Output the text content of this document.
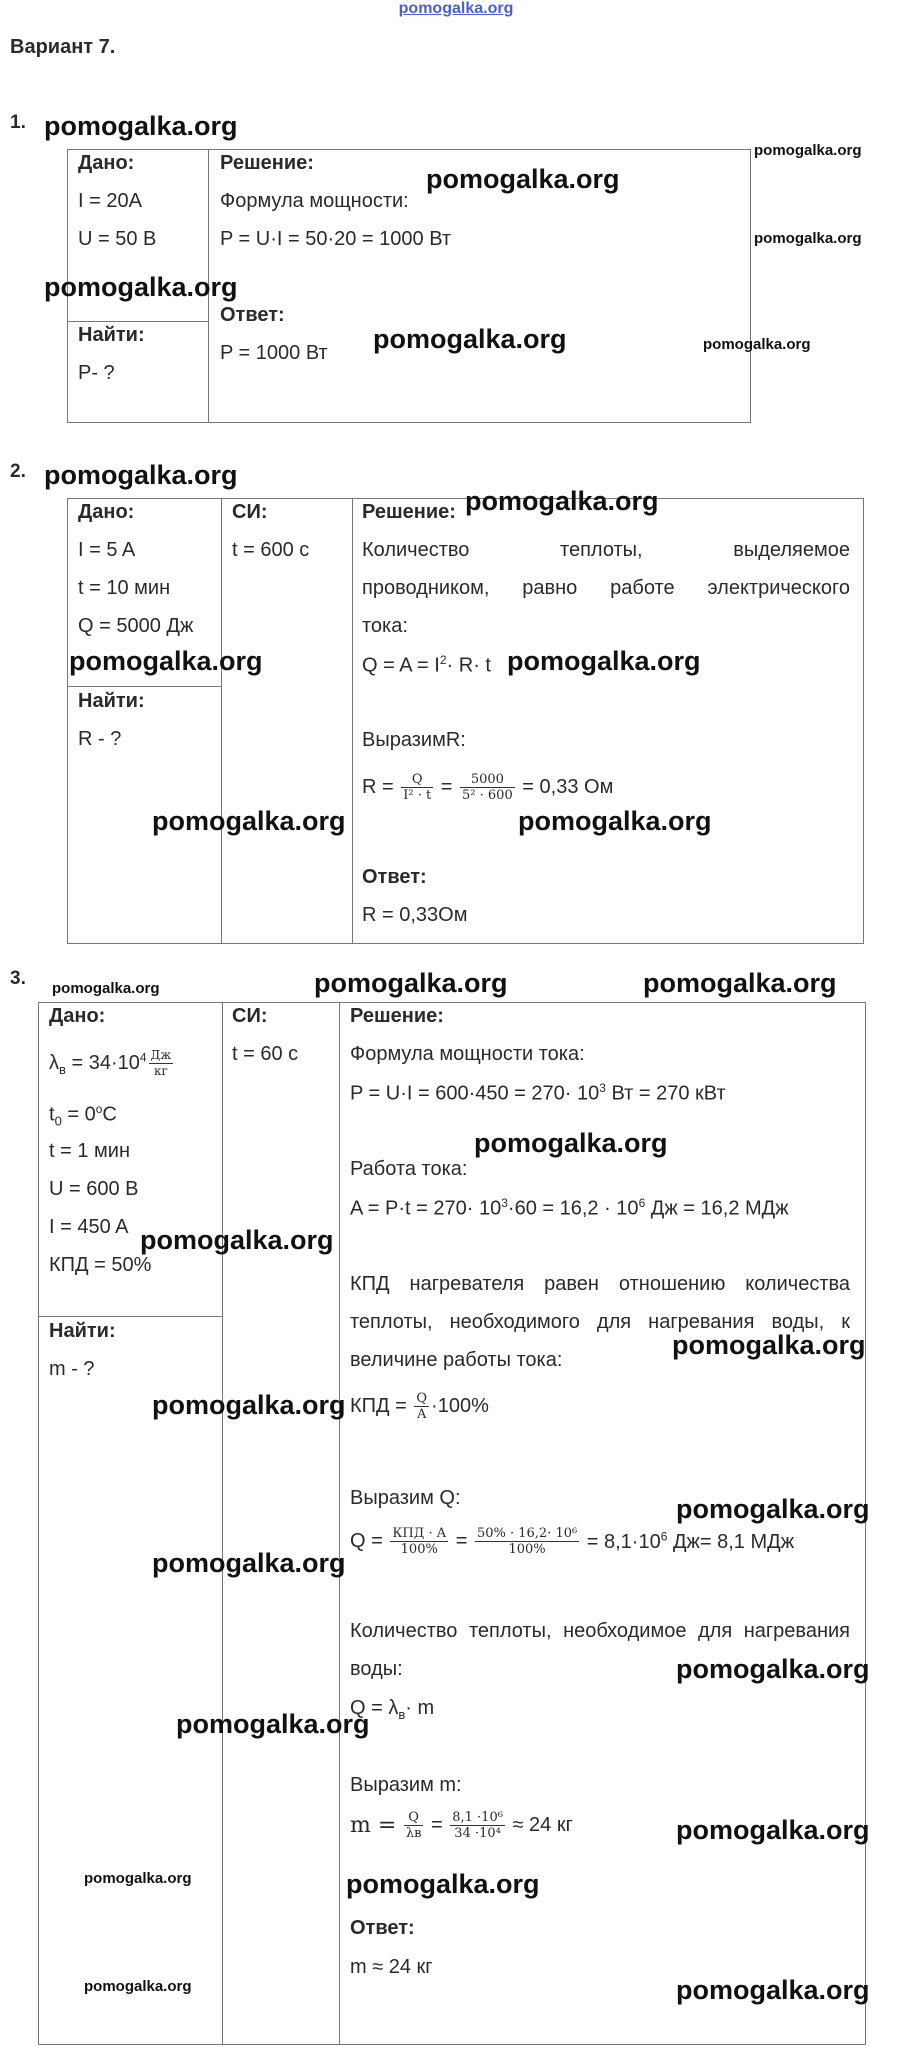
pomogalka.org
Вариант 7.
1.
Дано:
I = 20A
U = 50 В
Найти:
P- ?
Решение:
Формула мощности:
P = U·I = 50·20 = 1000 Вт
Ответ:
P = 1000 Вт
2.
Дано:
I = 5 A
t = 10 мин
Q = 5000 Дж
Найти:
R - ?
СИ:
t = 600 c
Решение:
Количество теплоты, выделяемое
проводником, равно работе электрического
тока:
$Q = A = I^2\cdot R\cdot t$
ВыразимR:
$R = \frac{Q}{\text{I² · t}} = \frac{5000}{\text{5² · 600}} = 0,33$ Ом
Ответ:
R = 0,33Ом
3.
Дано:
$\lambda_в = 34\cdot 10^4$ Дж
кг
$t_0 = 0^oC$
t = 1 мин
U = 600 В
I = 450 A
КПД = 50%
Найти:
m - ?
СИ:
t = 60 с
Решение:
Формула мощности тока:
$P = U\cdot I = 600\cdot 450 = 270\cdot 10^3$ Вт = 270 кВт
Работа тока:
$A = P\cdot t = 270\cdot 10^3\cdot 60 = 16,2 \cdot 10^6$ Дж = 16,2 МДж
КПД нагревателя равен отношению количества
теплоты, необходимого для нагревания воды, к
величине работы тока:
КПД = $\frac{Q}{A} \cdot 100\%$
Выразим Q:
Q = КПД · A
$100\% = \frac{\text{50\% · 16,2· 10⁶}}{100\%} = 8,1\cdot 10^6$ Дж= 8,1 МДж
Количество теплоты, необходимое для нагревания
воды:
$Q = \lambda_в\cdot m$
Выразим m:
m = Q
$\lambda в = \frac{\text{8,1 ·10⁶}}{\text{34 ·10⁴}} \approx 24$ кг
Ответ:
m ≈ 24 кг
pomogalka.org
pomogalka.org
pomogalka.org
pomogalka.org
pomogalka.org
pomogalka.org	pomogalka.org
pomogalka.org
pomogalka.org
pomogalka.org	pomogalka.org
pomogalka.org	pomogalka.org
pomogalka.org	pomogalka.org	pomogalka.org
pomogalka.org
pomogalka.org
pomogalka.org
pomogalka.org
pomogalka.org
pomogalka.org
pomogalka.org
pomogalka.org
pomogalka.org
pomogalka.org	pomogalka.org
pomogalka.org	pomogalka.org
